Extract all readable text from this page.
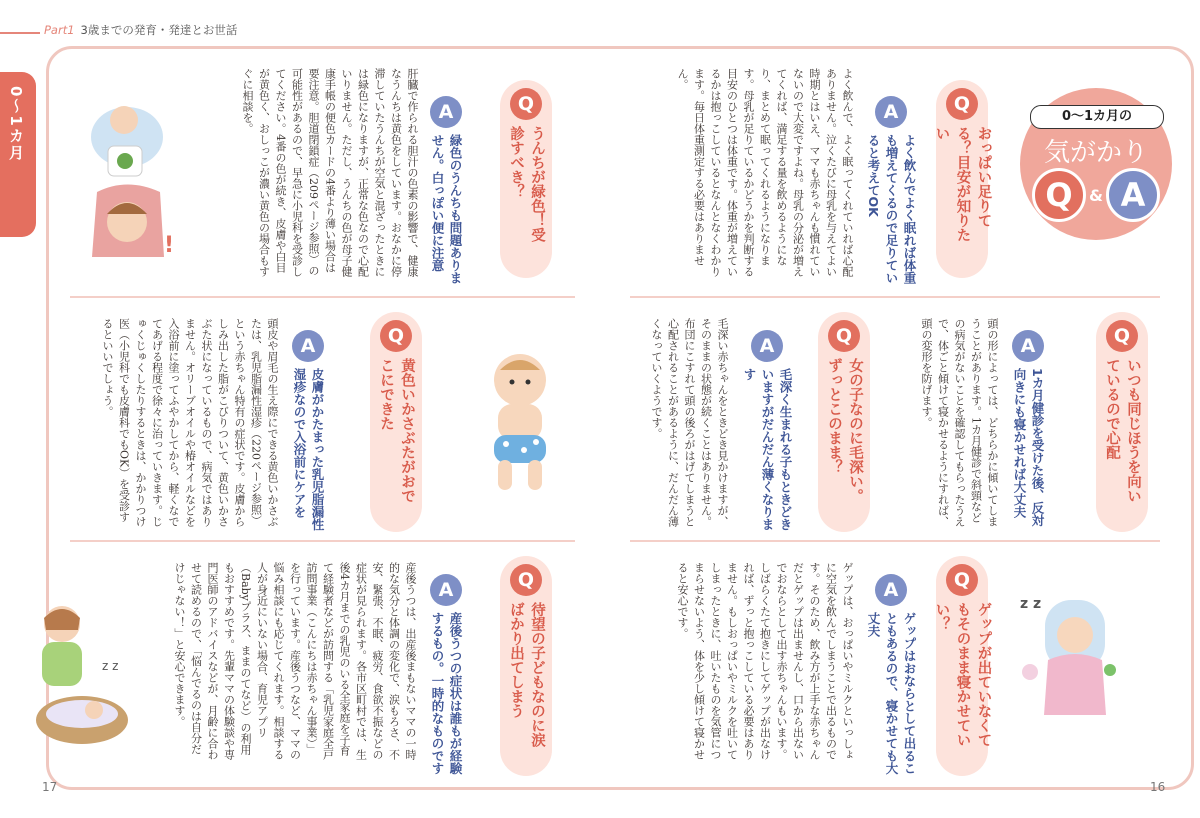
Part1 3歳までの発育・発達とお世話
0〜1カ月	0〜1カ月の
気がかり
Q	& A
Q
おっぱい足りてる？目安が知りたい
A
よく飲んでよく眠れば体重も増えてくるので足りていると考えてOK
よく飲んで、よく眠ってくれていれば心配ありません。泣くたびに母乳を与えてよい時期とはいえ、ママも赤ちゃんも慣れていないので大変ですよね。母乳の分泌が増えてくれば、満足する量を飲めるようになり、まとめて眠ってくれるようになります。母乳が足りているかどうかを判断する目安のひとつは体重です。体重が増えているかは抱っこしているとなんとなくわかります。毎日体重測定する必要はありません。
Q
うんちが緑色！受診すべき？
A
緑色のうんちも問題ありません。白っぽい便に注意
肝臓で作られる胆汁の色素の影響で、健康なうんちは黄色をしています。おなかに停滞していたうんちが空気と混ざったときには緑色になりますが、正常な色なので心配いりません。ただし、うんちの色が母子健康手帳の便色カードの4番より薄い場合は要注意。胆道閉鎖症（209ページ参照）の可能性があるので、早急に小児科を受診してください。4番の色が続き、皮膚や白目が黄色く、おしっこが濃い黄色の場合もすぐに相談を。
Q
いつも同じほうを向いているので心配
A
1カ月健診を受けた後、反対向きにも寝かせれば大丈夫
頭の形によっては、どちらかに傾いてしまうことがあります。1カ月健診で斜頸などの病気がないことを確認してもらったうえで、体ごと傾けて寝かせるようにすれば、頭の変形を防げます。
Q
女の子なのに毛深い。ずっとこのまま？
A
毛深く生まれる子もときどきいますがだんだん薄くなります
毛深い赤ちゃんをときどき見かけますが、そのままの状態が続くことはありません。布団にこすれて頭の後ろがはげてしまうと心配されることがあるように、だんだん薄くなっていくようです。
Q
黄色いかさぶたがおでこにできた
A
皮膚がかたまった乳児脂漏性湿疹なので入浴前にケアを
頭皮や眉毛の生え際にできる黄色いかさぶたは、乳児脂漏性湿疹（220ページ参照）という赤ちゃん特有の症状です。皮膚からしみ出した脂がこびりついて、黄色いかさぶた状になっているもので、病気ではありません。オリーブオイルや椿オイルなどを入浴前に塗ってふやかしてから、軽くなでてあげる程度で徐々に治っていきます。じゅくじゅくしたりするときは、かかりつけ医（小児科でも皮膚科でもOK）を受診するといいでしょう。
Q
ゲップが出ていなくてもそのまま寝かせていい？
A
ゲップはおならとして出ることもあるので、寝かせても大丈夫
ゲップは、おっぱいやミルクといっしょに空気を飲んでしまうことで出るものです。そのため、飲み方が上手な赤ちゃんだとゲップは出ませんし、口から出ないでおならとして出す赤ちゃんもいます。しばらくたて抱きにしてゲップが出なければ、ずっと抱っこしている必要はありません。もしおっぱいやミルクを吐いてしまったときに、吐いたものを気管につまらせないよう、体を少し傾けて寝かせると安心です。
Q
待望の子どもなのに涙ばかり出てしまう
A
産後うつの症状は誰もが経験するもの。一時的なものです
産後うつは、出産後まもないママの一時的な気分と体調の変化で、涙もろさ、不安、緊張、不眠、疲労、食欲不振などの症状が見られます。各市区町村では、生後4カ月までの乳児のいる全家庭を子育て経験者などが訪問する「乳児家庭全戸訪問事業（こんにちは赤ちゃん事業）」を行っています。産後うつなど、ママの悩み相談にも応じてくれます。相談する人が身近にいない場合、育児アプリ（Babyプラス、ままのてなど）の利用もおすすめです。先輩ママの体験談や専門医師のアドバイスなどが、月齢に合わせて読めるので、「悩んでるのは自分だけじゃない！」と安心できます。
!
z z
z z
17	16
